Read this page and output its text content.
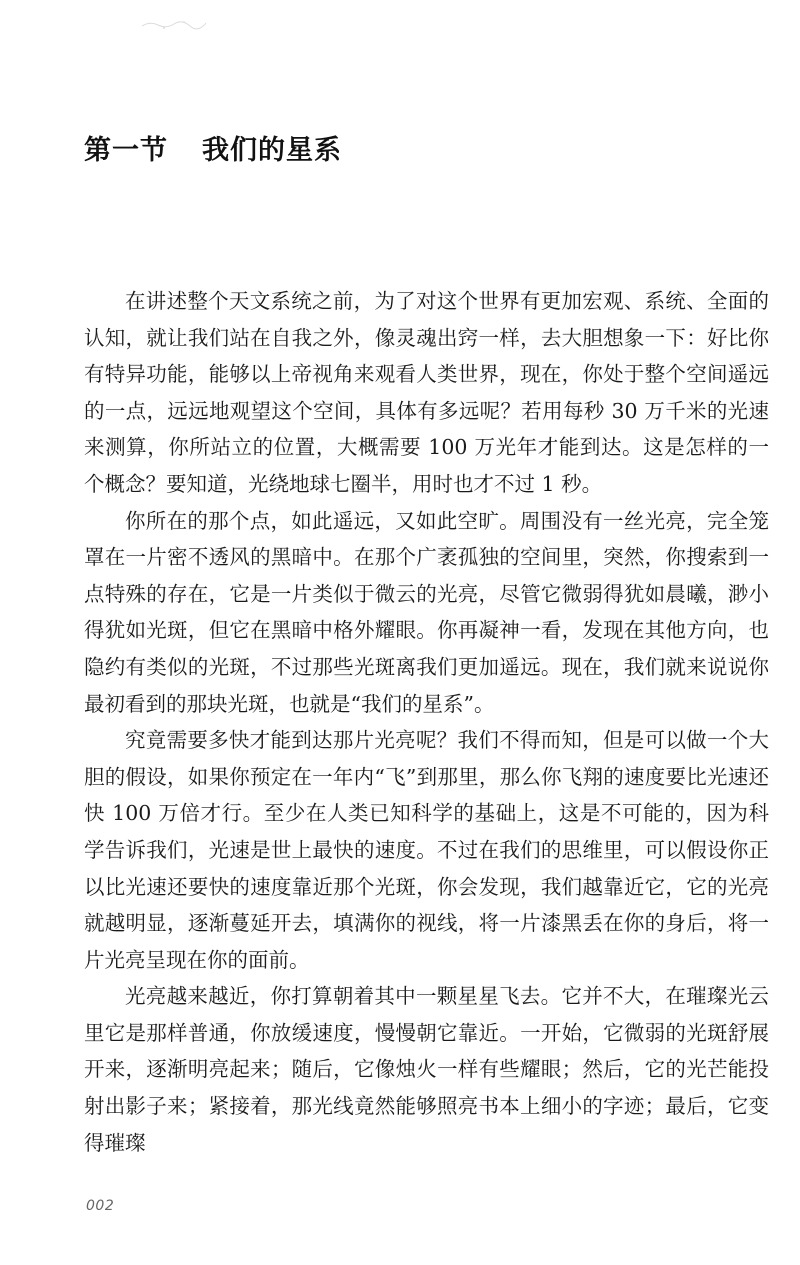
第一节 我们的星系

在讲述整个天文系统之前，为了对这个世界有更加宏观、系统、全面的认知，就让我们站在自我之外，像灵魂出窍一样，去大胆想象一下：好比你有特异功能，能够以上帝视角来观看人类世界，现在，你处于整个空间遥远的一点，远远地观望这个空间，具体有多远呢？若用每秒 30 万千米的光速来测算，你所站立的位置，大概需要 100 万光年才能到达。这是怎样的一个概念？要知道，光绕地球七圈半，用时也才不过 1 秒。

你所在的那个点，如此遥远，又如此空旷。周围没有一丝光亮，完全笼罩在一片密不透风的黑暗中。在那个广袤孤独的空间里，突然，你搜索到一点特殊的存在，它是一片类似于微云的光亮，尽管它微弱得犹如晨曦，渺小得犹如光斑，但它在黑暗中格外耀眼。你再凝神一看，发现在其他方向，也隐约有类似的光斑，不过那些光斑离我们更加遥远。现在，我们就来说说你最初看到的那块光斑，也就是“我们的星系”。

究竟需要多快才能到达那片光亮呢？我们不得而知，但是可以做一个大胆的假设，如果你预定在一年内“飞”到那里，那么你飞翔的速度要比光速还快 100 万倍才行。至少在人类已知科学的基础上，这是不可能的，因为科学告诉我们，光速是世上最快的速度。不过在我们的思维里，可以假设你正以比光速还要快的速度靠近那个光斑，你会发现，我们越靠近它，它的光亮就越明显，逐渐蔓延开去，填满你的视线，将一片漆黑丢在你的身后，将一片光亮呈现在你的面前。

光亮越来越近，你打算朝着其中一颗星星飞去。它并不大，在璀璨光云里它是那样普通，你放缓速度，慢慢朝它靠近。一开始，它微弱的光斑舒展开来，逐渐明亮起来；随后，它像烛火一样有些耀眼；然后，它的光芒能投射出影子来；紧接着，那光线竟然能够照亮书本上细小的字迹；最后，它变得璀璨

002
